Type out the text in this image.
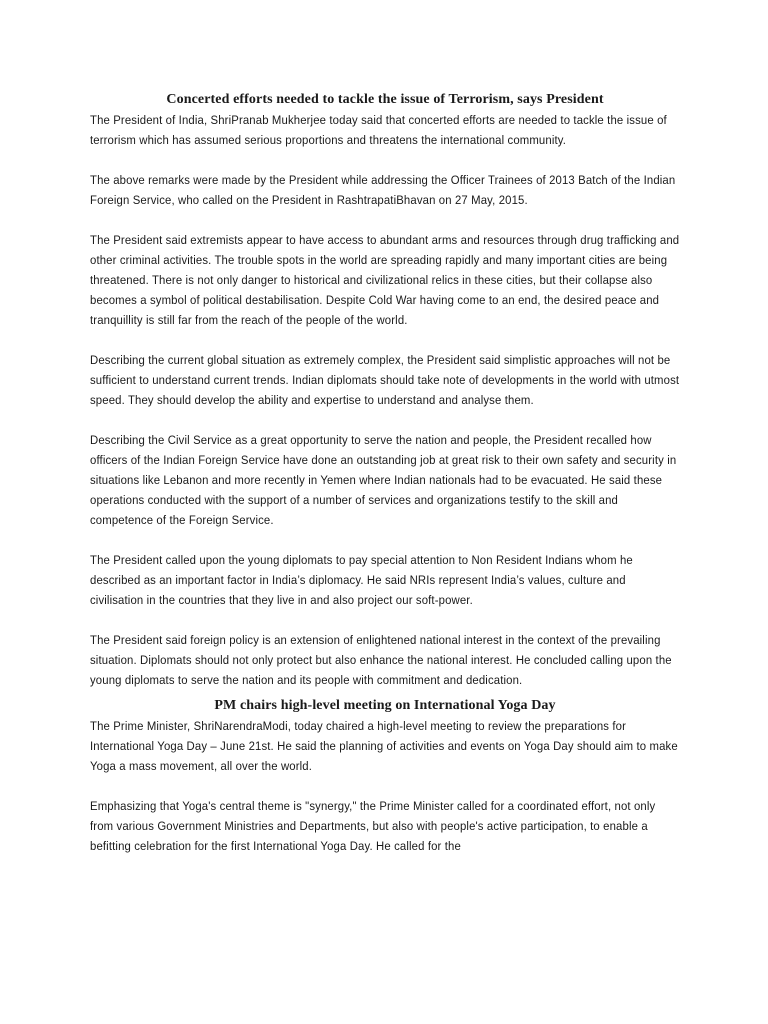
Concerted efforts needed to tackle the issue of Terrorism, says President

The President of India, ShriPranab Mukherjee today said that concerted efforts are needed to tackle the issue of terrorism which has assumed serious proportions and threatens the international community.

The above remarks were made by the President while addressing the Officer Trainees of 2013 Batch of the Indian Foreign Service, who called on the President in RashtrapatiBhavan on 27 May, 2015.

The President said extremists appear to have access to abundant arms and resources through drug trafficking and other criminal activities. The trouble spots in the world are spreading rapidly and many important cities are being threatened. There is not only danger to historical and civilizational relics in these cities, but their collapse also becomes a symbol of political destabilisation. Despite Cold War having come to an end, the desired peace and tranquillity is still far from the reach of the people of the world.

Describing the current global situation as extremely complex, the President said simplistic approaches will not be sufficient to understand current trends. Indian diplomats should take note of developments in the world with utmost speed. They should develop the ability and expertise to understand and analyse them.

Describing the Civil Service as a great opportunity to serve the nation and people, the President recalled how officers of the Indian Foreign Service have done an outstanding job at great risk to their own safety and security in situations like Lebanon and more recently in Yemen where Indian nationals had to be evacuated. He said these operations conducted with the support of a number of services and organizations testify to the skill and competence of the Foreign Service.

The President called upon the young diplomats to pay special attention to Non Resident Indians whom he described as an important factor in India’s diplomacy. He said NRIs represent India’s values, culture and civilisation in the countries that they live in and also project our soft-power.

The President said foreign policy is an extension of enlightened national interest in the context of the prevailing situation. Diplomats should not only protect but also enhance the national interest. He concluded calling upon the young diplomats to serve the nation and its people with commitment and dedication.

PM chairs high-level meeting on International Yoga Day

The Prime Minister, ShriNarendraModi, today chaired a high-level meeting to review the preparations for International Yoga Day – June 21st. He said the planning of activities and events on Yoga Day should aim to make Yoga a mass movement, all over the world.

Emphasizing that Yoga's central theme is "synergy," the Prime Minister called for a coordinated effort, not only from various Government Ministries and Departments, but also with people's active participation, to enable a befitting celebration for the first International Yoga Day. He called for the
